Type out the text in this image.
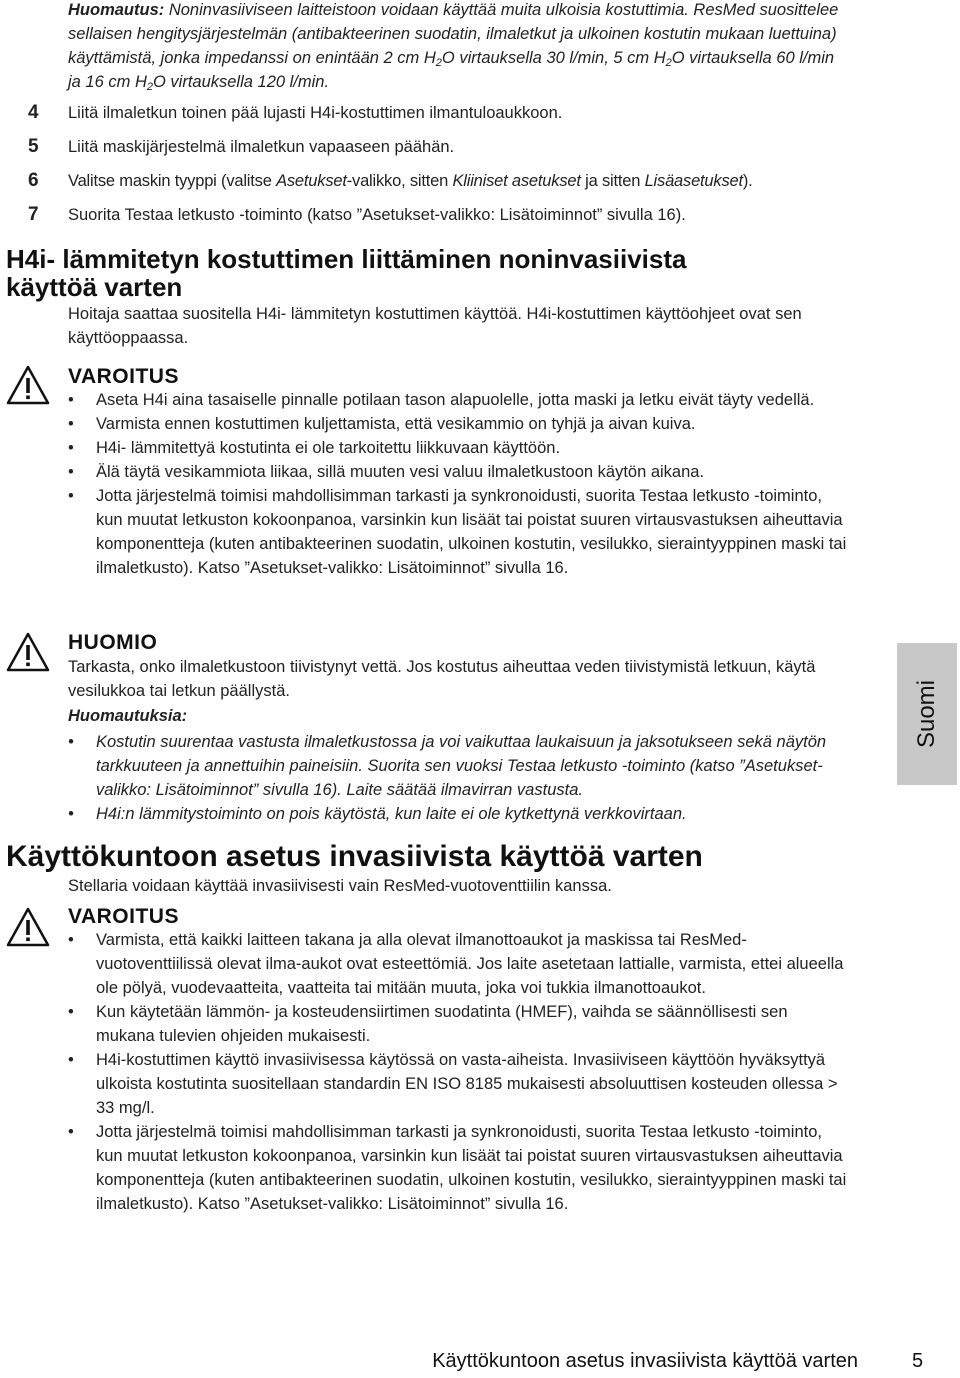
Huomautus: Noninvasiiviseen laitteistoon voidaan käyttää muita ulkoisia kostuttimia. ResMed suosittelee sellaisen hengitysjärjestelmän (antibakteerinen suodatin, ilmaletkut ja ulkoinen kostutin mukaan luettuina) käyttämistä, jonka impedanssi on enintään 2 cm $H_2O$ virtauksella 30 l/min, 5 cm $H_2O$ virtauksella 60 l/min ja 16 cm $H_2O$ virtauksella 120 l/min.
4 Liitä ilmaletkun toinen pää lujasti H4i-kostuttimen ilmantuloaukkoon.
5 Liitä maskijärjestelmä ilmaletkun vapaaseen päähän.
6 Valitse maskin tyyppi (valitse Asetukset-valikko, sitten Kliiniset asetukset ja sitten Lisäasetukset).
7 Suorita Testaa letkusto -toiminto (katso ”Asetukset-valikko: Lisätoiminnot” sivulla 16).
H4i- lämmitetyn kostuttimen liittäminen noninvasiivista
käyttöä varten
Hoitaja saattaa suositella H4i- lämmitetyn kostuttimen käyttöä. H4i-kostuttimen käyttöohjeet ovat sen käyttöoppaassa.
VAROITUS
• Aseta H4i aina tasaiselle pinnalle potilaan tason alapuolelle, jotta maski ja letku eivät täyty vedellä.
• Varmista ennen kostuttimen kuljettamista, että vesikammio on tyhjä ja aivan kuiva.
• H4i- lämmitettyä kostutinta ei ole tarkoitettu liikkuvaan käyttöön.
• Älä täytä vesikammiota liikaa, sillä muuten vesi valuu ilmaletkustoon käytön aikana.
• Jotta järjestelmä toimisi mahdollisimman tarkasti ja synkronoidusti, suorita Testaa letkusto -toiminto, kun muutat letkuston kokoonpanoa, varsinkin kun lisäät tai poistat suuren virtausvastuksen aiheuttavia komponentteja (kuten antibakteerinen suodatin, ulkoinen kostutin, vesilukko, sieraintyyppinen maski tai ilmaletkusto). Katso ”Asetukset-valikko: Lisätoiminnot” sivulla 16.
HUOMIO
Tarkasta, onko ilmaletkustoon tiivistynyt vettä. Jos kostutus aiheuttaa veden tiivistymistä letkuun, käytä vesilukkoa tai letkun päällystä.
Huomautuksia:
• Kostutin suurentaa vastusta ilmaletkustossa ja voi vaikuttaa laukaisuun ja jaksotukseen sekä näytön tarkkuuteen ja annettuihin paineisiin. Suorita sen vuoksi Testaa letkusto -toiminto (katso ”Asetukset-valikko: Lisätoiminnot” sivulla 16). Laite säätää ilmavirran vastusta.
• H4i:n lämmitystoiminto on pois käytöstä, kun laite ei ole kytkettynä verkkovirtaan.
Suomi
Käyttökuntoon asetus invasiivista käyttöä varten
Stellaria voidaan käyttää invasiivisesti vain ResMed-vuotoventtiilin kanssa.
VAROITUS
• Varmista, että kaikki laitteen takana ja alla olevat ilmanottoaukot ja maskissa tai ResMed-vuotoventtiilissä olevat ilma-aukot ovat esteettömiä. Jos laite asetetaan lattialle, varmista, ettei alueella ole pölyä, vuodevaatteita, vaatteita tai mitään muuta, joka voi tukkia ilmanottoaukot.
• Kun käytetään lämmön- ja kosteudensiirtimen suodatinta (HMEF), vaihda se säännöllisesti sen mukana tulevien ohjeiden mukaisesti.
• H4i-kostuttimen käyttö invasiivisessa käytössä on vasta-aiheista. Invasiiviseen käyttöön hyväksyttyä ulkoista kostutinta suositellaan standardin EN ISO 8185 mukaisesti absoluuttisen kosteuden ollessa > 33 mg/l.
• Jotta järjestelmä toimisi mahdollisimman tarkasti ja synkronoidusti, suorita Testaa letkusto -toiminto, kun muutat letkuston kokoonpanoa, varsinkin kun lisäät tai poistat suuren virtausvastuksen aiheuttavia komponentteja (kuten antibakteerinen suodatin, ulkoinen kostutin, vesilukko, sieraintyyppinen maski tai ilmaletkusto). Katso ”Asetukset-valikko: Lisätoiminnot” sivulla 16.
Käyttökuntoon asetus invasiivista käyttöä varten	5
